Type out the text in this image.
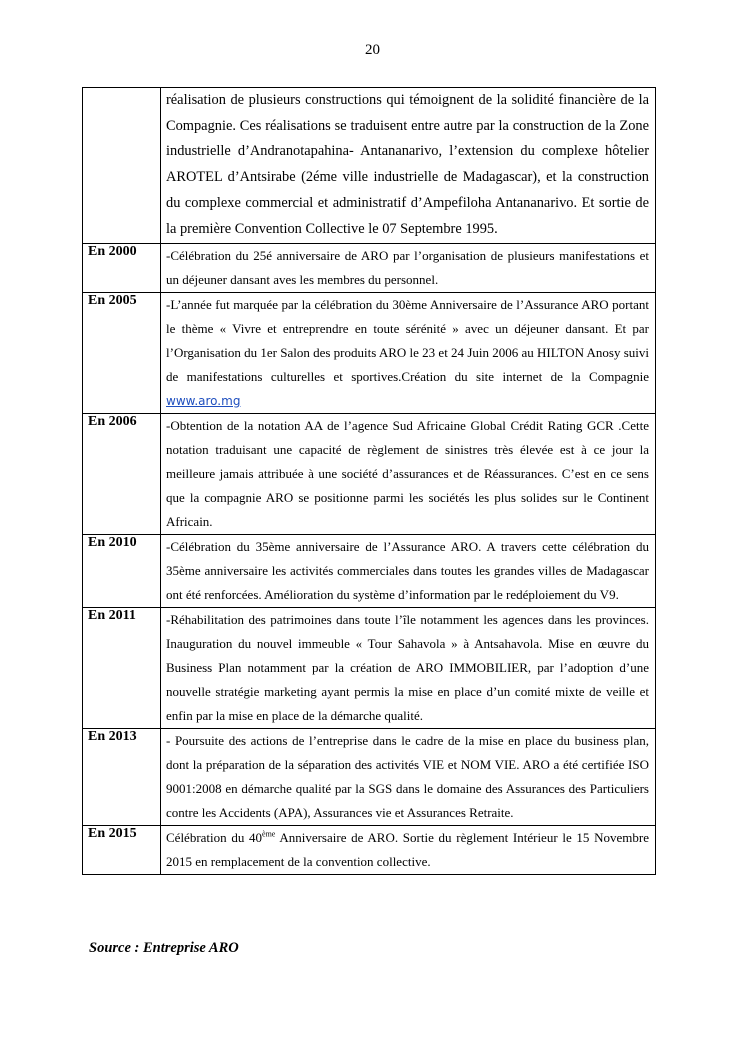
20
	réalisation de plusieurs constructions qui témoignent de la solidité financière de la Compagnie. Ces réalisations se traduisent entre autre par la construction de la Zone industrielle d’Andranotapahina- Antananarivo, l’extension du complexe hôtelier AROTEL d’Antsirabe (2éme ville industrielle de Madagascar), et la construction du complexe commercial et administratif d’Ampefiloha Antananarivo. Et sortie de la première Convention Collective le 07 Septembre 1995.
En 2000	-Célébration du 25é anniversaire de ARO par l’organisation de plusieurs manifestations et un déjeuner dansant aves les membres du personnel.
En 2005	-L’année fut marquée par la célébration du 30ème Anniversaire de l’Assurance ARO portant le thème « Vivre et entreprendre en toute sérénité » avec un déjeuner dansant. Et par l’Organisation du 1er Salon des produits ARO le 23 et 24 Juin 2006 au HILTON Anosy suivi de manifestations culturelles et sportives.Création du site internet de la Compagnie www.aro.mg
En 2006	-Obtention de la notation AA de l’agence Sud Africaine Global Crédit Rating GCR .Cette notation traduisant une capacité de règlement de sinistres très élevée est à ce jour la meilleure jamais attribuée à une société d’assurances et de Réassurances. C’est en ce sens que la compagnie ARO se positionne parmi les sociétés les plus solides sur le Continent Africain.
En 2010	-Célébration du 35ème anniversaire de l’Assurance ARO. A travers cette célébration du 35ème anniversaire les activités commerciales dans toutes les grandes villes de Madagascar ont été renforcées. Amélioration du système d’information par le redéploiement du V9.
En 2011	-Réhabilitation des patrimoines dans toute l’île notamment les agences dans les provinces. Inauguration du nouvel immeuble « Tour Sahavola » à Antsahavola. Mise en œuvre du Business Plan notamment par la création de ARO IMMOBILIER, par l’adoption d’une nouvelle stratégie marketing ayant permis la mise en place d’un comité mixte de veille et enfin par la mise en place de la démarche qualité.
En 2013	- Poursuite des actions de l’entreprise dans le cadre de la mise en place du business plan, dont la préparation de la séparation des activités VIE et NOM VIE. ARO a été certifiée ISO 9001:2008 en démarche qualité par la SGS dans le domaine des Assurances des Particuliers contre les Accidents (APA), Assurances vie et Assurances Retraite.
En 2015	Célébration du 40ème Anniversaire de ARO. Sortie du règlement Intérieur le 15 Novembre 2015 en remplacement de la convention collective.
Source : Entreprise ARO
